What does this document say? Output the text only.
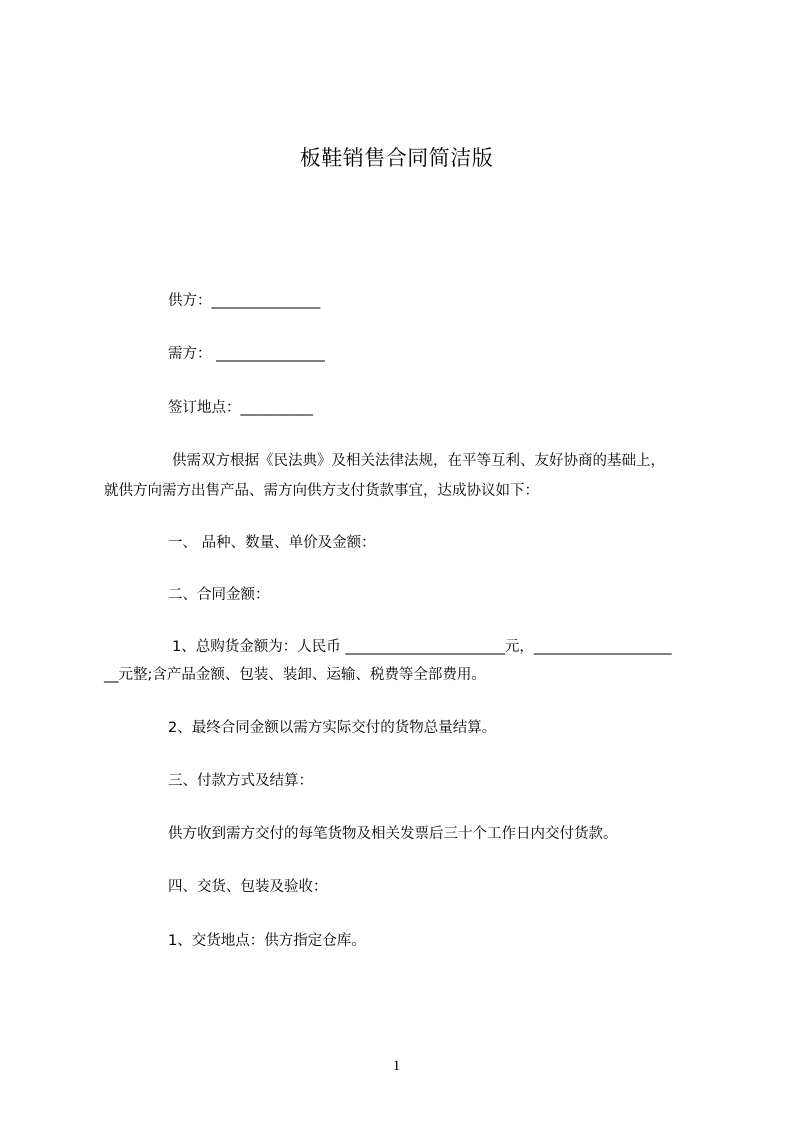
板鞋销售合同简洁版
供方：_______________
需方： _______________
签订地点：__________
供需双方根据《民法典》及相关法律法规，在平等互利、友好协商的基础上，
就供方向需方出售产品、需方向供方支付货款事宜，达成协议如下：
一、 品种、数量、单价及金额：
二、合同金额：
1、总购货金额为：人民币 ______________________元，___________________
__元整;含产品金额、包装、装卸、运输、税费等全部费用。
2、最终合同金额以需方实际交付的货物总量结算。
三、付款方式及结算：
供方收到需方交付的每笔货物及相关发票后三十个工作日内交付货款。
四、交货、包装及验收：
1、交货地点：供方指定仓库。
1
